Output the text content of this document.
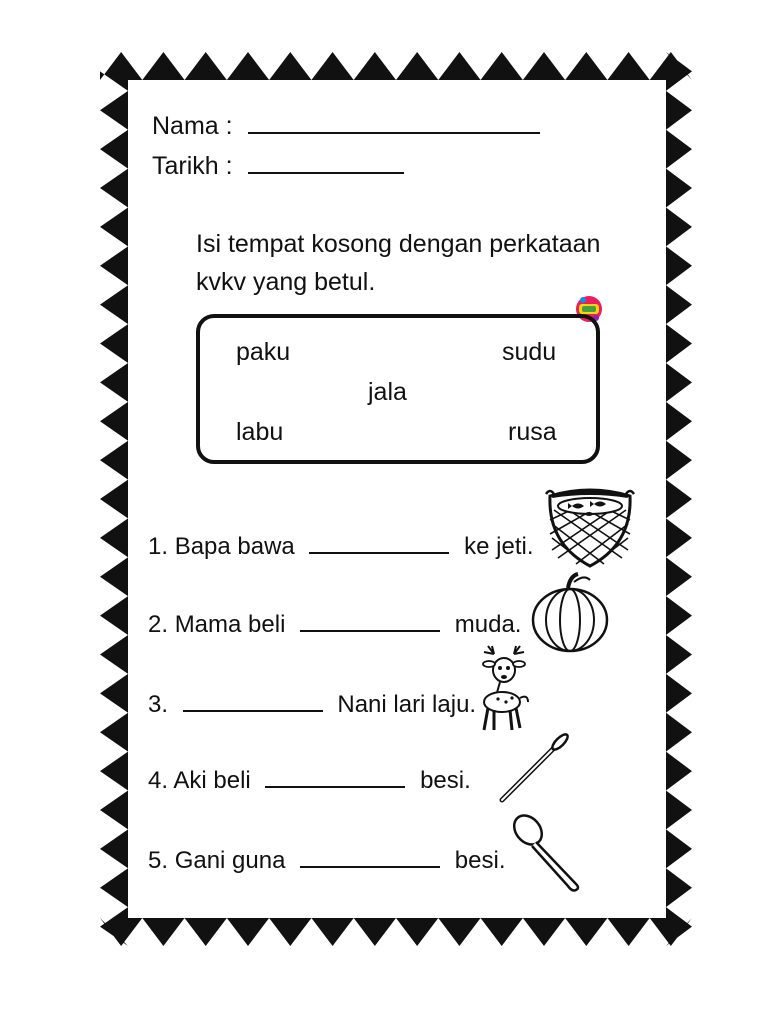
Nama :
Tarikh :
Isi tempat kosong dengan perkataan
kvkv yang betul.
paku	sudu
jala
labu	rusa
1. Bapa bawa	ke jeti.
2. Mama beli	muda.
3.	Nani lari laju.
4. Aki beli	besi.
5. Gani guna	besi.
